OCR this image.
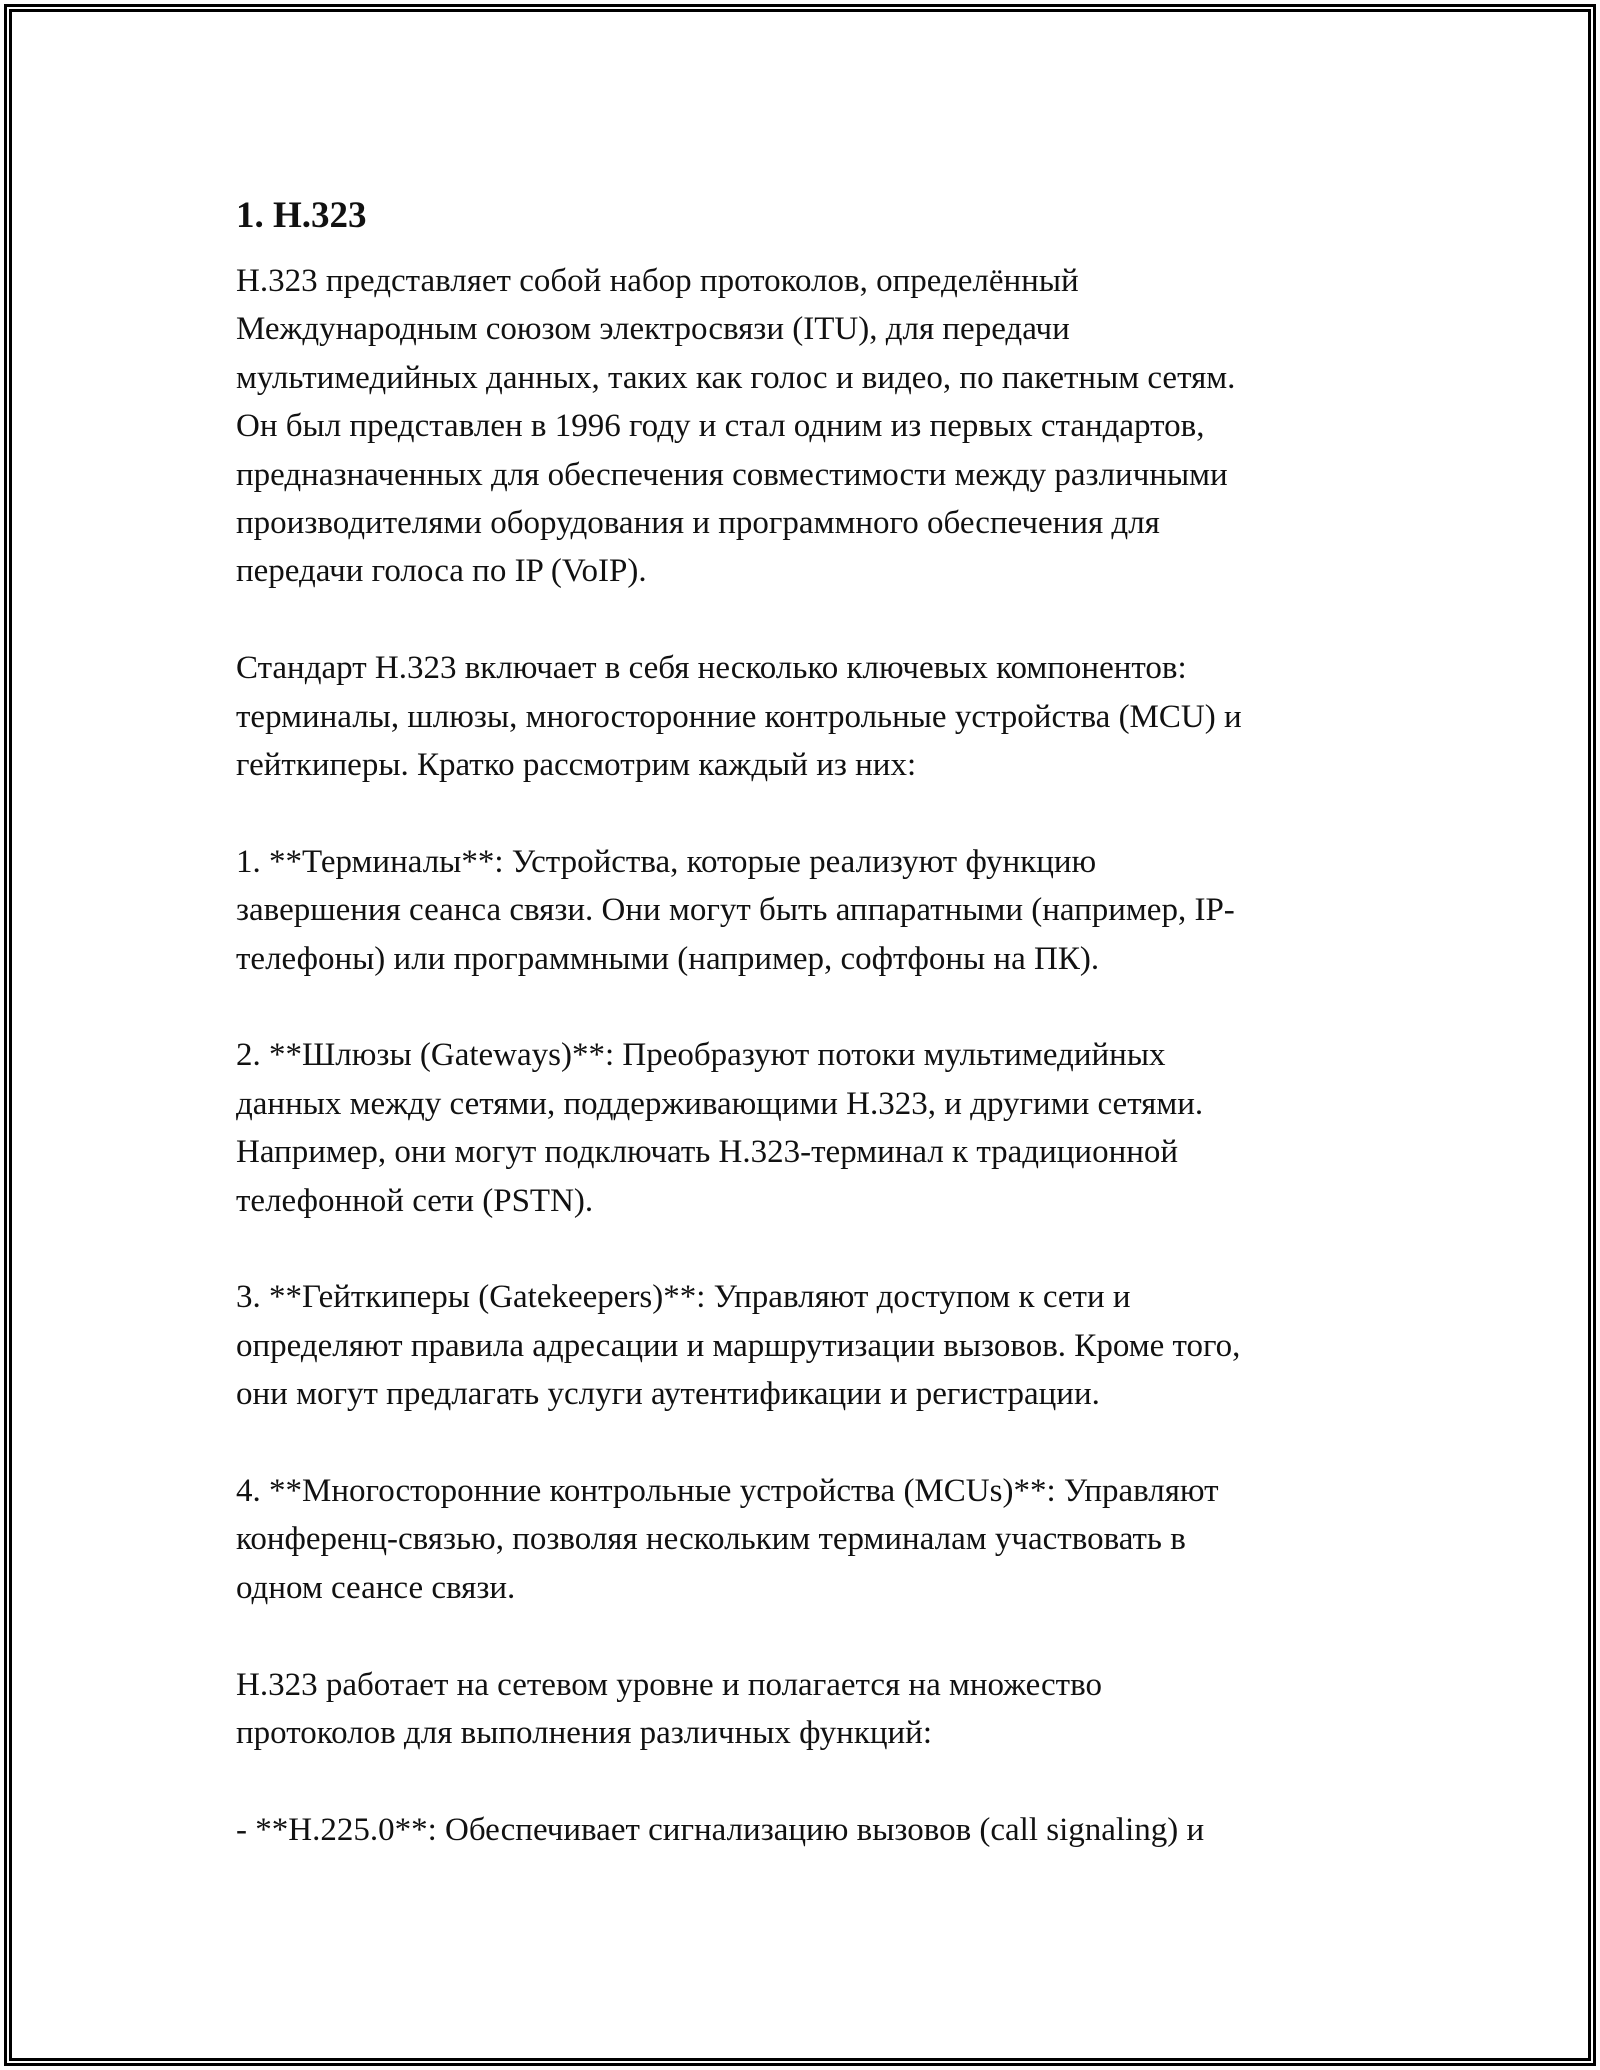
1. H.323

H.323 представляет собой набор протоколов, определённый
Международным союзом электросвязи (ITU), для передачи
мультимедийных данных, таких как голос и видео, по пакетным сетям.
Он был представлен в 1996 году и стал одним из первых стандартов,
предназначенных для обеспечения совместимости между различными
производителями оборудования и программного обеспечения для
передачи голоса по IP (VoIP).

Стандарт H.323 включает в себя несколько ключевых компонентов:
терминалы, шлюзы, многосторонние контрольные устройства (MCU) и
гейткиперы. Кратко рассмотрим каждый из них:

1. **Терминалы**: Устройства, которые реализуют функцию
завершения сеанса связи. Они могут быть аппаратными (например, IP-
телефоны) или программными (например, софтфоны на ПК).

2. **Шлюзы (Gateways)**: Преобразуют потоки мультимедийных
данных между сетями, поддерживающими H.323, и другими сетями.
Например, они могут подключать H.323-терминал к традиционной
телефонной сети (PSTN).

3. **Гейткиперы (Gatekeepers)**: Управляют доступом к сети и
определяют правила адресации и маршрутизации вызовов. Кроме того,
они могут предлагать услуги аутентификации и регистрации.

4. **Многосторонние контрольные устройства (MCUs)**: Управляют
конференц-связью, позволяя нескольким терминалам участвовать в
одном сеансе связи.

H.323 работает на сетевом уровне и полагается на множество
протоколов для выполнения различных функций:

- **H.225.0**: Обеспечивает сигнализацию вызовов (call signaling) и
